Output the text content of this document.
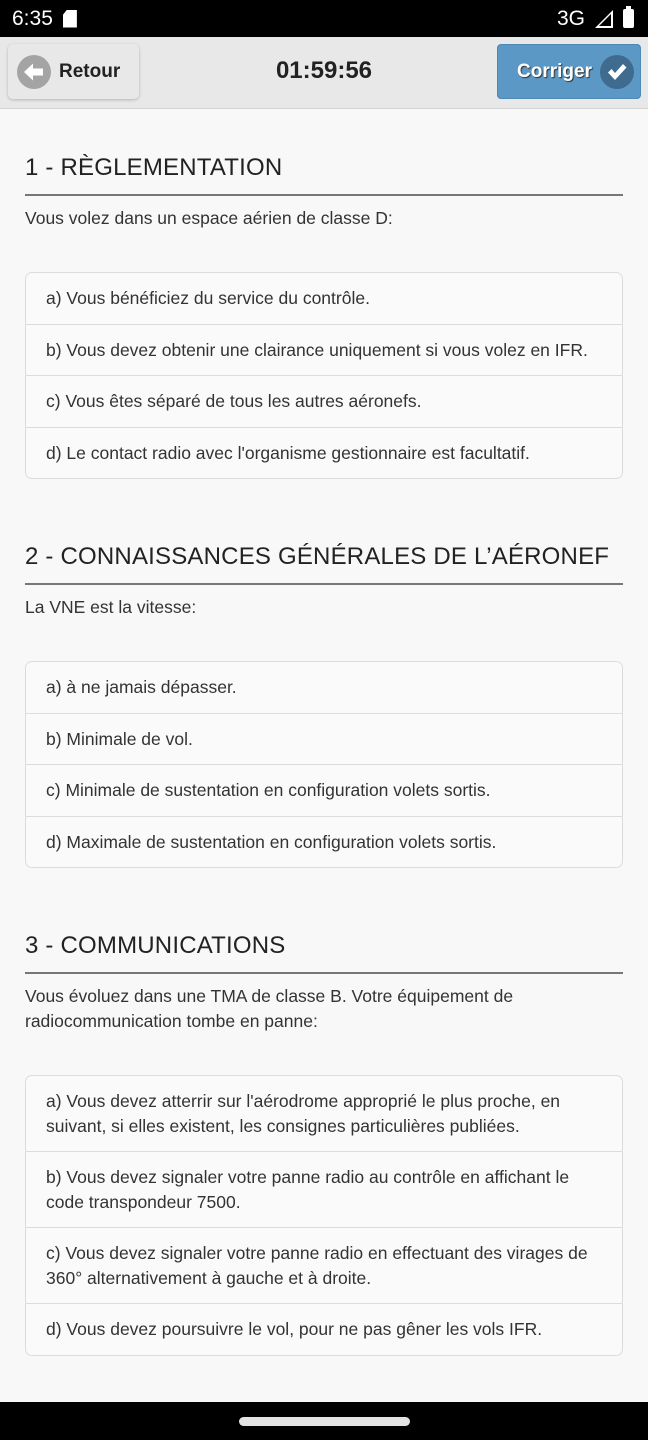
6:35	3G
Retour	01:59:56	Corriger
1 - RÈGLEMENTATION

Vous volez dans un espace aérien de classe D:

a) Vous bénéficiez du service du contrôle.
b) Vous devez obtenir une clairance uniquement si vous volez en IFR.
c) Vous êtes séparé de tous les autres aéronefs.
d) Le contact radio avec l'organisme gestionnaire est facultatif.
2 - CONNAISSANCES GÉNÉRALES DE L’AÉRONEF

La VNE est la vitesse:

a) à ne jamais dépasser.
b) Minimale de vol.
c) Minimale de sustentation en configuration volets sortis.
d) Maximale de sustentation en configuration volets sortis.
3 - COMMUNICATIONS

Vous évoluez dans une TMA de classe B. Votre équipement de radiocommunication tombe en panne:

a) Vous devez atterrir sur l'aérodrome approprié le plus proche, en suivant, si elles existent, les consignes particulières publiées.
b) Vous devez signaler votre panne radio au contrôle en affichant le code transpondeur 7500.
c) Vous devez signaler votre panne radio en effectuant des virages de 360° alternativement à gauche et à droite.
d) Vous devez poursuivre le vol, pour ne pas gêner les vols IFR.
